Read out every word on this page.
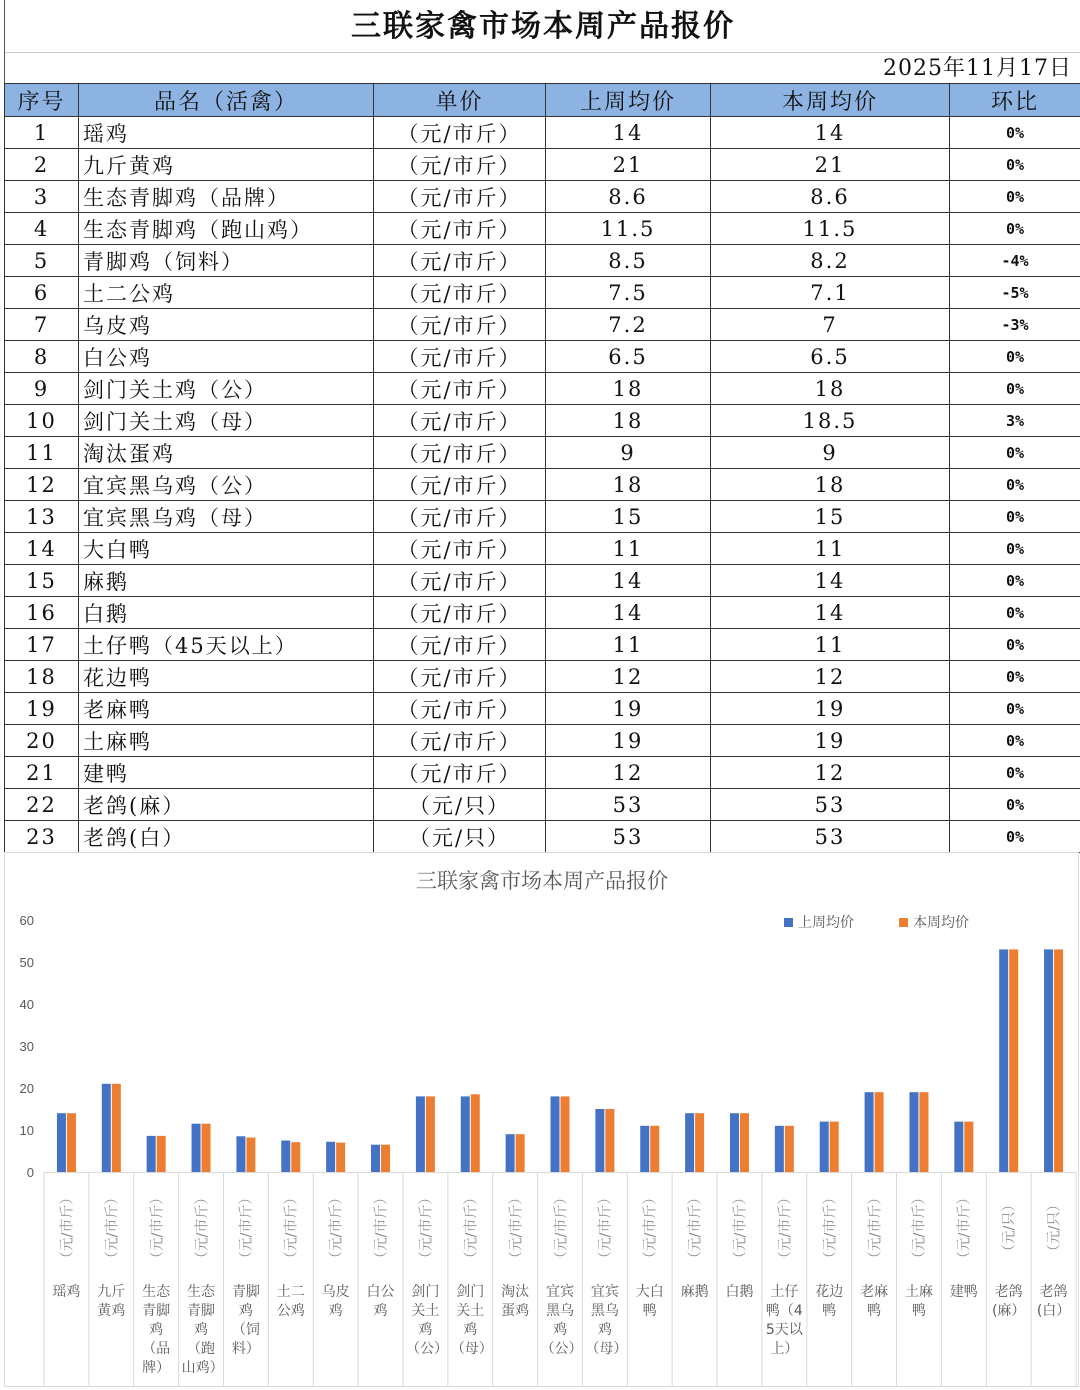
三联家禽市场本周产品报价
2025年11月17日
序号	品名（活禽）	单价	上周均价	本周均价	环比
1	瑶鸡	（元/市斤）	14	14	0%
2	九斤黄鸡	（元/市斤）	21	21	0%
3	生态青脚鸡（品牌）	（元/市斤）	8.6	8.6	0%
4	生态青脚鸡（跑山鸡）	（元/市斤）	11.5	11.5	0%
5	青脚鸡（饲料）	（元/市斤）	8.5	8.2	-4%
6	土二公鸡	（元/市斤）	7.5	7.1	-5%
7	乌皮鸡	（元/市斤）	7.2	7	-3%
8	白公鸡	（元/市斤）	6.5	6.5	0%
9	剑门关土鸡（公）	（元/市斤）	18	18	0%
10	剑门关土鸡（母）	（元/市斤）	18	18.5	3%
11	淘汰蛋鸡	（元/市斤）	9	9	0%
12	宜宾黑乌鸡（公）	（元/市斤）	18	18	0%
13	宜宾黑乌鸡（母）	（元/市斤）	15	15	0%
14	大白鸭	（元/市斤）	11	11	0%
15	麻鹅	（元/市斤）	14	14	0%
16	白鹅	（元/市斤）	14	14	0%
17	土仔鸭（45天以上）	（元/市斤）	11	11	0%
18	花边鸭	（元/市斤）	12	12	0%
19	老麻鸭	（元/市斤）	19	19	0%
20	土麻鸭	（元/市斤）	19	19	0%
21	建鸭	（元/市斤）	12	12	0%
22	老鸽(麻）	（元/只）	53	53	0%
23	老鸽(白）	（元/只）	53	53	0%
三联家禽市场本周产品报价
0
10
20
30
40
50
60	上周均价	本周均价
（元/市斤）
瑶鸡
（元/市斤）
九斤黄鸡
（元/市斤）
生态青脚鸡（品牌）
（元/市斤）
生态青脚鸡（跑山鸡）
（元/市斤）
青脚鸡（饲料）
（元/市斤）
土二公鸡
（元/市斤）
乌皮鸡
（元/市斤）
白公鸡
（元/市斤）
剑门关土鸡（公）
（元/市斤）
剑门关土鸡（母）
（元/市斤）
淘汰蛋鸡
（元/市斤）
宜宾黑乌鸡（公）
（元/市斤）
宜宾黑乌鸡（母）
（元/市斤）
大白鸭
（元/市斤）
麻鹅
（元/市斤）
白鹅
（元/市斤）
土仔鸭（45天以上）
（元/市斤）
花边鸭
（元/市斤）
老麻鸭
（元/市斤）
土麻鸭
（元/市斤）
建鸭
（元/只）
老鸽(麻）
（元/只）
老鸽(白）
